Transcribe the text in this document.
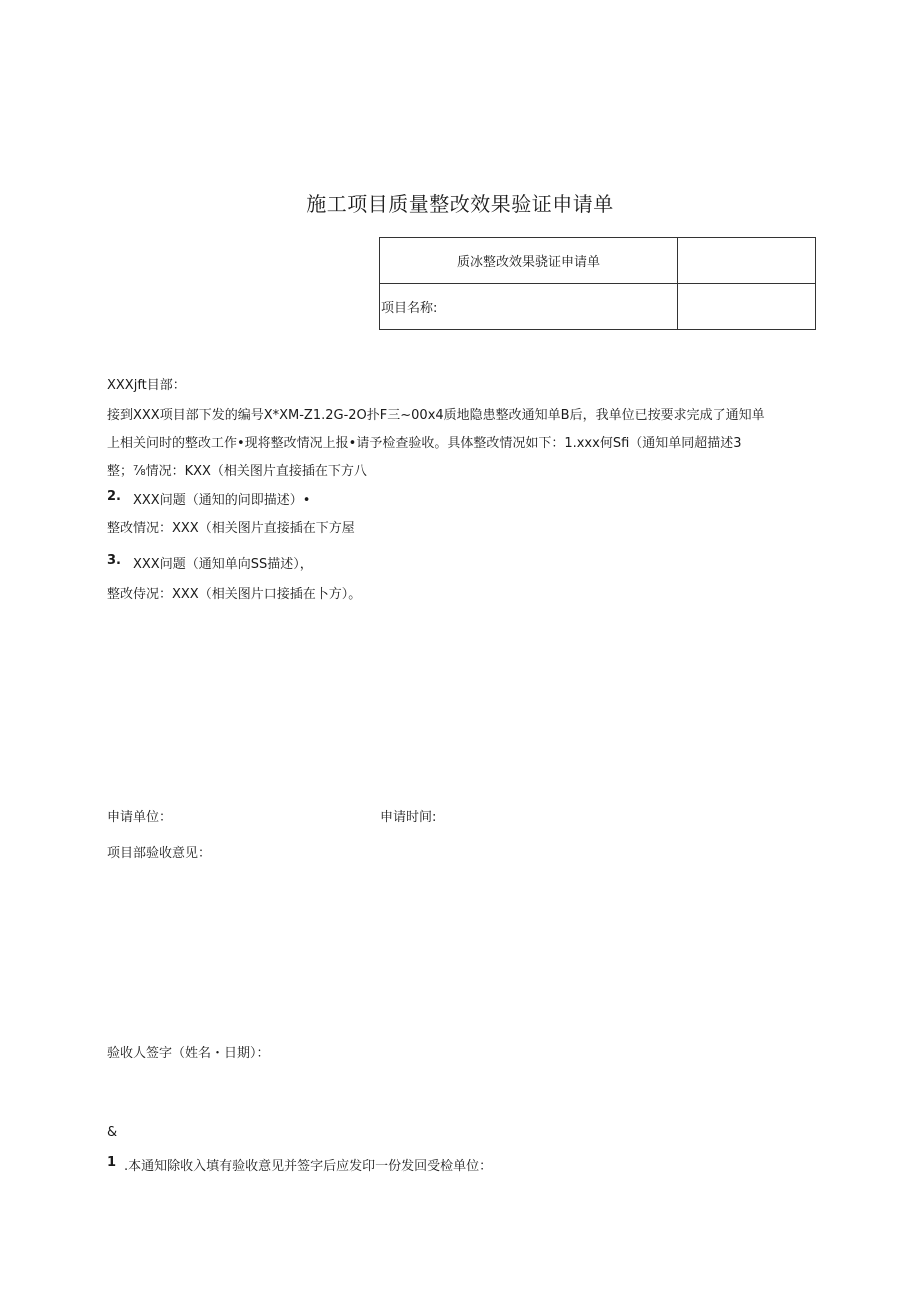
施工项目质量整改效果验证申请单
质冰整改效果骁证申请单	
项目名称:	
XXXjft目部：
接到XXX项目部下发的编号X*XM-Z1.2G-2O扑F三~00x4质地隐患整改通知单B后，我单位已按要求完成了通知单
上相关问时的整改工作•现将整改情况上报•请予检查验收。具体整改情况如下：1.xxx何Sfi（通知单同超描述3
整；⅞情况：KXX（相关图片直接插在下方八
2. XXX问题（通知的问即描述）•
整改情况：XXX（相关图片直接插在下方屋
3. XXX问题（通知单向SS描述），
整改侍况：XXX（相关图片口接插在卜方）。
申请单位：	申请时间:
项目部验收意见：
验收人签字（姓名・日期）：
&
1 .本通知除收入填有验收意见并签字后应发印一份发回受检单位：
